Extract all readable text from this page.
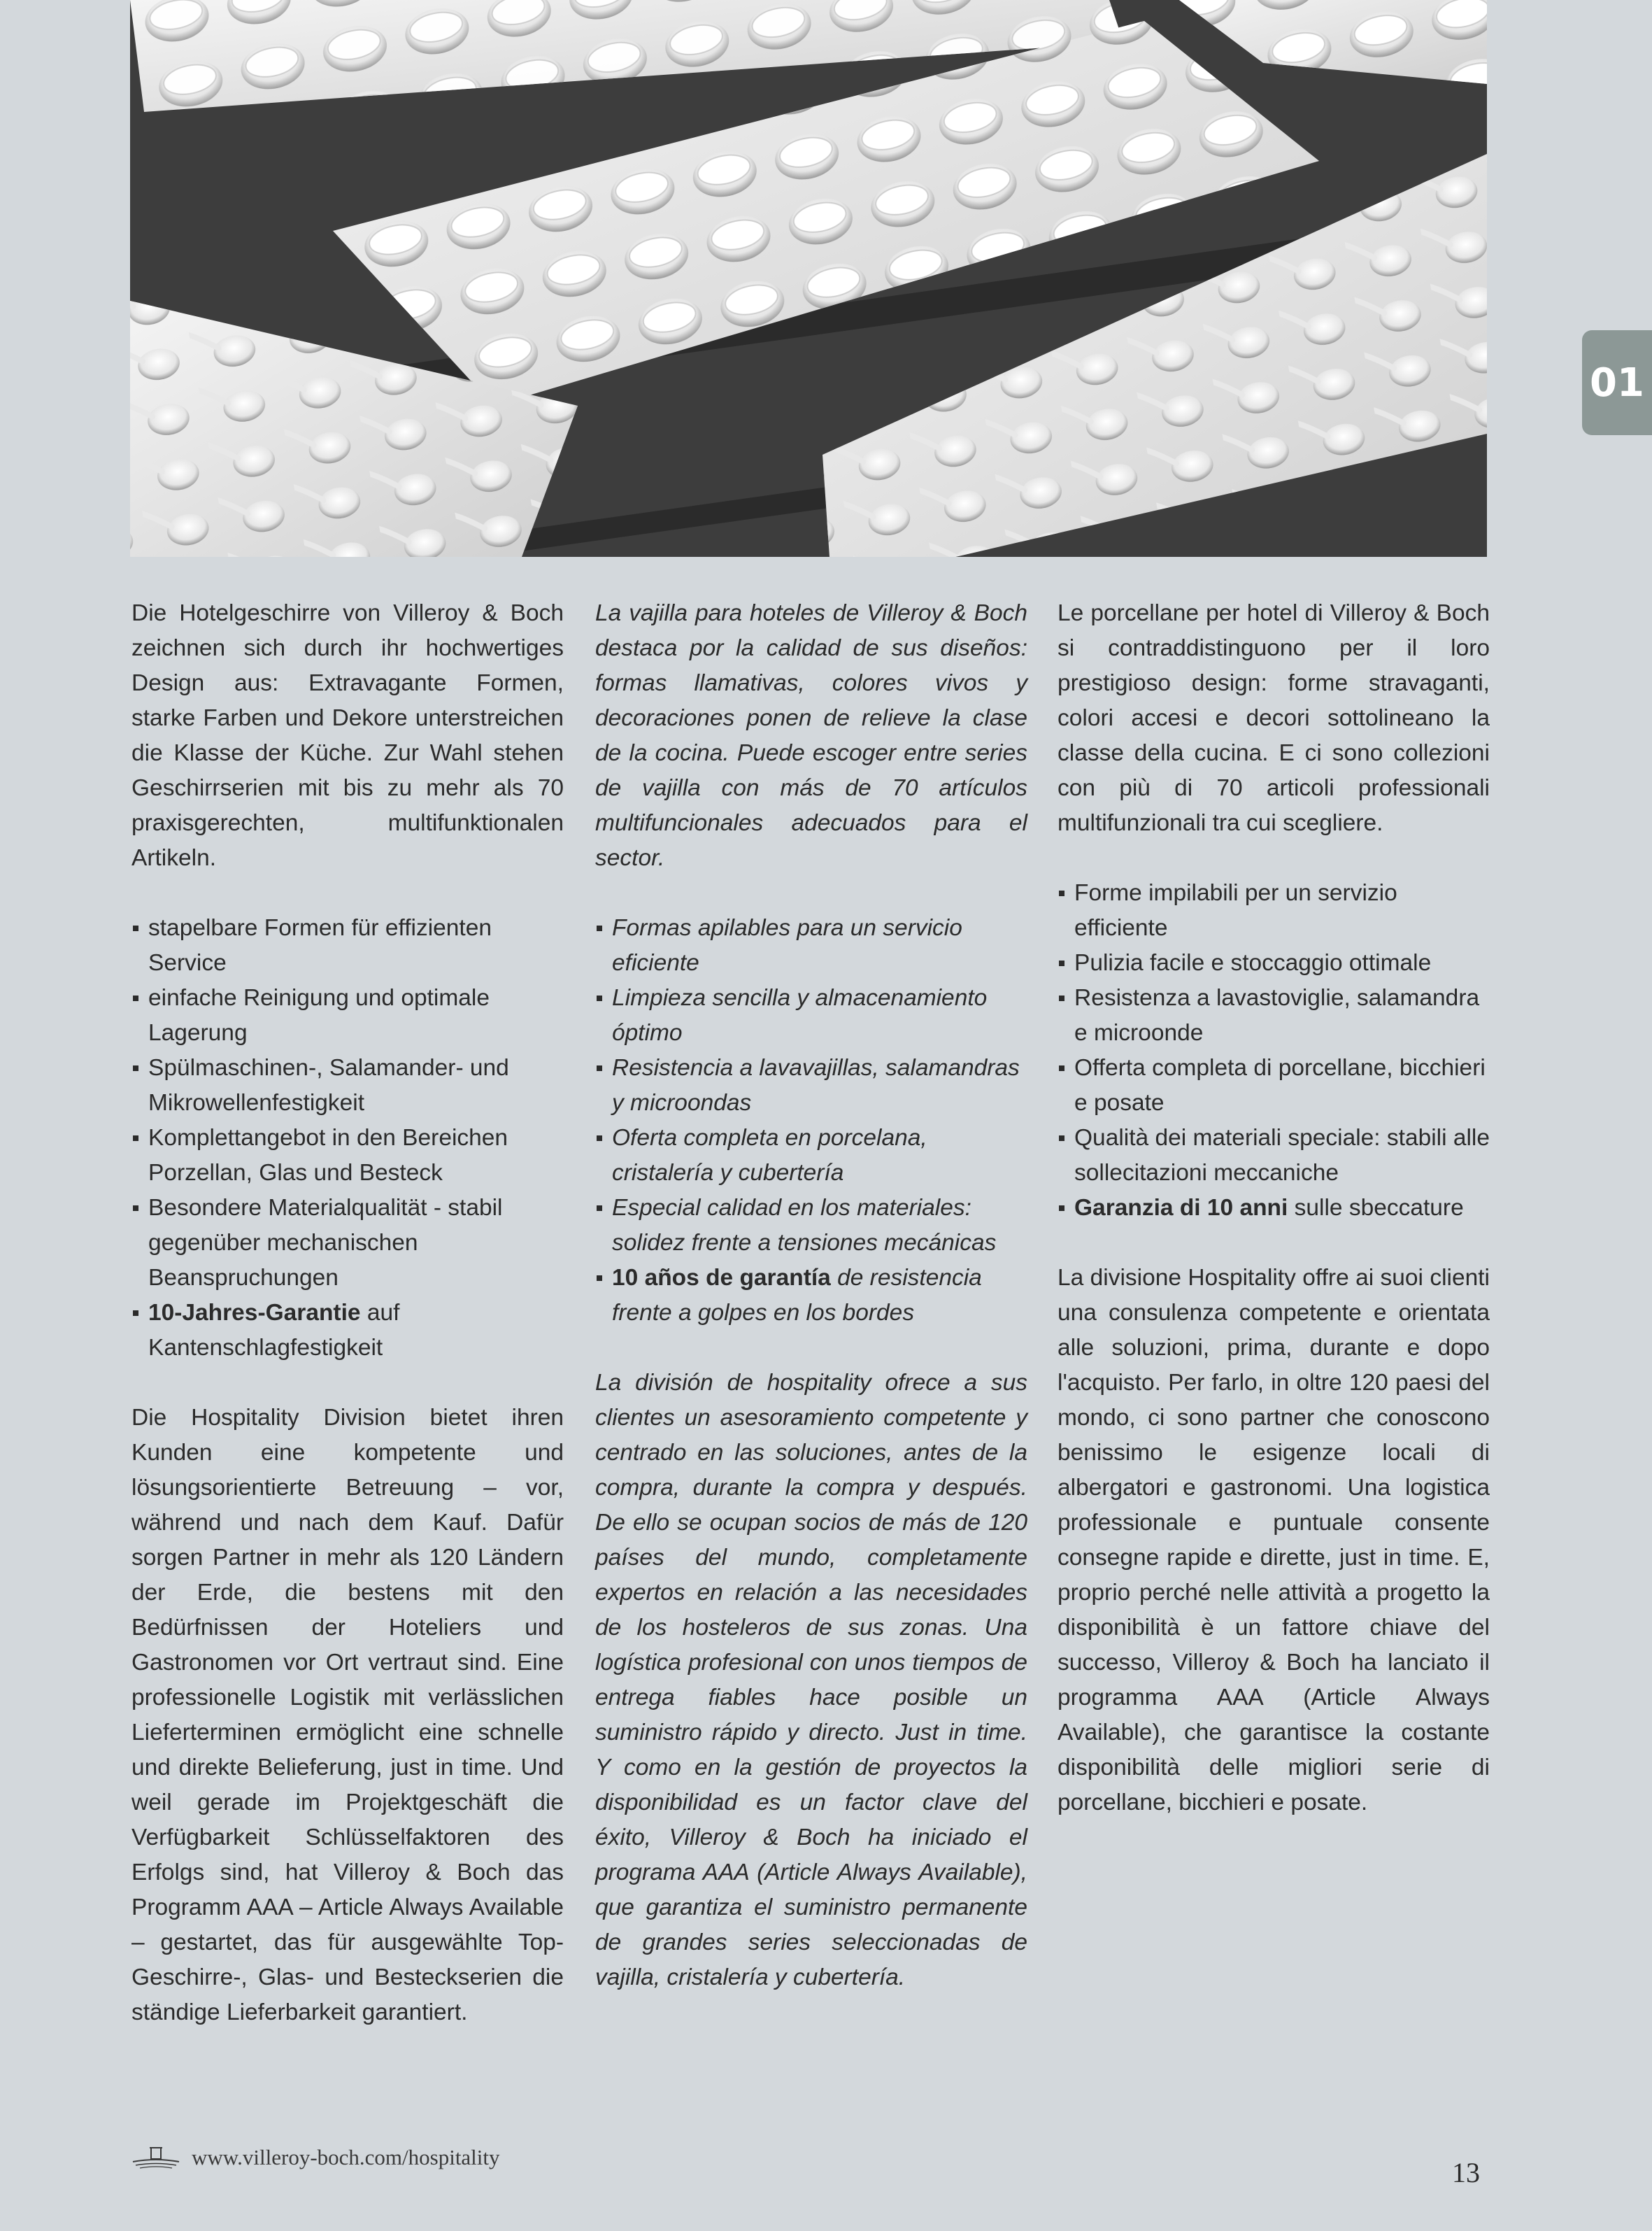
01

Die Hotelgeschirre von Villeroy & Boch zeichnen sich durch ihr hochwertiges Design aus: Extravagante Formen, starke Farben und Dekore unterstreichen die Klasse der Küche. Zur Wahl stehen Geschirrserien mit bis zu mehr als 70 praxisgerechten, multifunktionalen Artikeln.

stapelbare Formen für effizienten Service
einfache Reinigung und optimale Lagerung
Spülmaschinen-, Salamander- und Mikrowellenfestigkeit
Komplettangebot in den Bereichen Porzellan, Glas und Besteck
Besondere Materialqualität - stabil gegenüber mechanischen Beanspruchungen
10-Jahres-Garantie auf Kantenschlagfestigkeit

Die Hospitality Division bietet ihren Kunden eine kompetente und lösungsorientierte Betreuung – vor, während und nach dem Kauf. Dafür sorgen Partner in mehr als 120 Ländern der Erde, die bestens mit den Bedürfnissen der Hoteliers und Gastronomen vor Ort vertraut sind. Eine professionelle Logistik mit verlässlichen Lieferterminen ermöglicht eine schnelle und direkte Belieferung, just in time. Und weil gerade im Projektgeschäft die Verfügbarkeit Schlüsselfaktoren des Erfolgs sind, hat Villeroy & Boch das Programm AAA – Article Always Available – gestartet, das für ausgewählte Top-Geschirre-, Glas- und Besteckserien die ständige Lieferbarkeit garantiert.

La vajilla para hoteles de Villeroy & Boch destaca por la calidad de sus diseños: formas llamativas, colores vivos y decoraciones ponen de relieve la clase de la cocina. Puede escoger entre series de vajilla con más de 70 artículos multifuncionales adecuados para el sector.

Formas apilables para un servicio eficiente
Limpieza sencilla y almacenamiento óptimo
Resistencia a lavavajillas, salamandras y microondas
Oferta completa en porcelana, cristalería y cubertería
Especial calidad en los materiales: solidez frente a tensiones mecánicas
10 años de garantía de resistencia frente a golpes en los bordes

La división de hospitality ofrece a sus clientes un asesoramiento competente y centrado en las soluciones, antes de la compra, durante la compra y después. De ello se ocupan socios de más de 120 países del mundo, completamente expertos en relación a las necesidades de los hosteleros de sus zonas. Una logística profesional con unos tiempos de entrega fiables hace posible un suministro rápido y directo. Just in time. Y como en la gestión de proyectos la disponibilidad es un factor clave del éxito, Villeroy & Boch ha iniciado el programa AAA (Article Always Available), que garantiza el suministro permanente de grandes series seleccionadas de vajilla, cristalería y cubertería.

Le porcellane per hotel di Villeroy & Boch si contraddistinguono per il loro prestigioso design: forme stravaganti, colori accesi e decori sottolineano la classe della cucina. E ci sono collezioni con più di 70 articoli professionali multifunzionali tra cui scegliere.

Forme impilabili per un servizio efficiente
Pulizia facile e stoccaggio ottimale
Resistenza a lavastoviglie, salamandra e microonde
Offerta completa di porcellane, bicchieri e posate
Qualità dei materiali speciale: stabili alle sollecitazioni meccaniche
Garanzia di 10 anni sulle sbeccature

La divisione Hospitality offre ai suoi clienti una consulenza competente e orientata alle soluzioni, prima, durante e dopo l'acquisto. Per farlo, in oltre 120 paesi del mondo, ci sono partner che conoscono benissimo le esigenze locali di albergatori e gastronomi. Una logistica professionale e puntuale consente consegne rapide e dirette, just in time. E, proprio perché nelle attività a progetto la disponibilità è un fattore chiave del successo, Villeroy & Boch ha lanciato il programma AAA (Article Always Available), che garantisce la costante disponibilità delle migliori serie di porcellane, bicchieri e posate.

www.villeroy-boch.com/hospitality	13
